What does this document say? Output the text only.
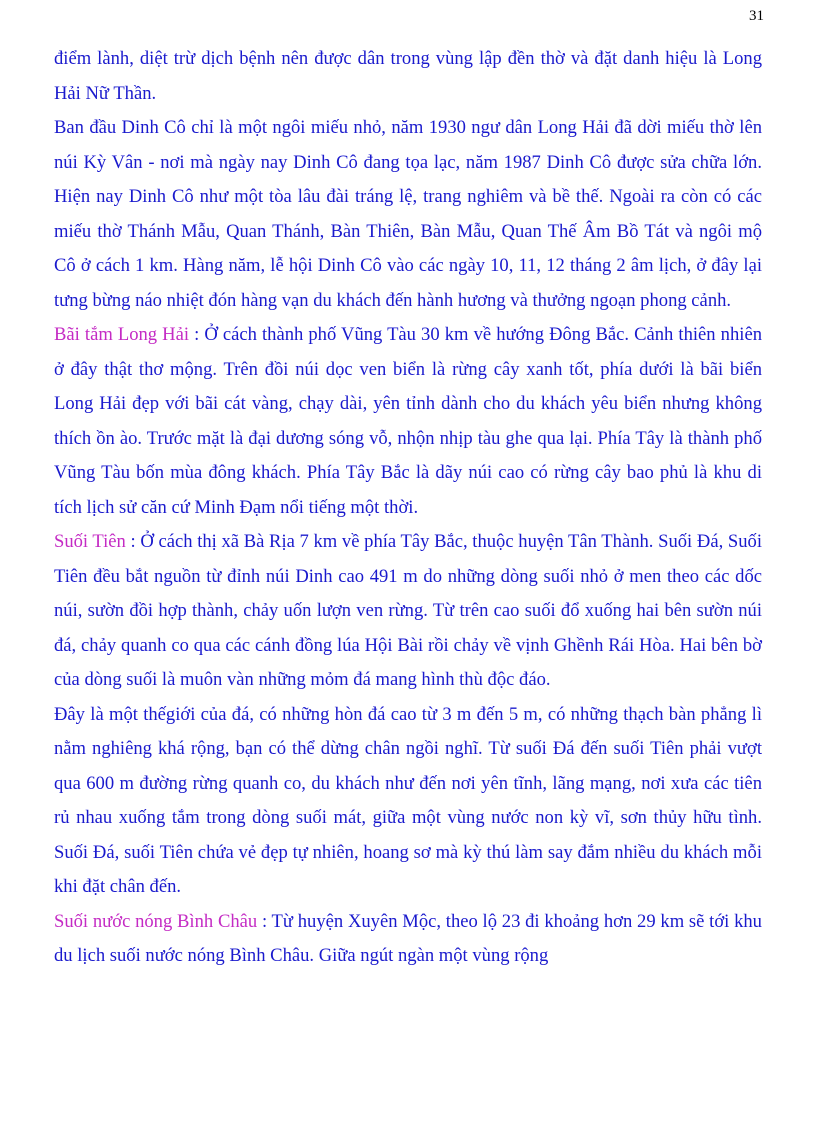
31

điểm lành, diệt trừ dịch bệnh nên được dân trong vùng lập đền thờ và đặt danh hiệu là Long Hải Nữ Thần.

Ban đầu Dinh Cô chỉ là một ngôi miếu nhỏ, năm 1930 ngư dân Long Hải đã dời miếu thờ lên núi Kỳ Vân - nơi mà ngày nay Dinh Cô đang tọa lạc, năm 1987 Dinh Cô được sửa chữa lớn. Hiện nay Dinh Cô như một tòa lâu đài tráng lệ, trang nghiêm và bề thế. Ngoài ra còn có các miếu thờ Thánh Mẫu, Quan Thánh, Bàn Thiên, Bàn Mẫu, Quan Thế Âm Bồ Tát và ngôi mộ Cô ở cách 1 km. Hàng năm, lễ hội Dinh Cô vào các ngày 10, 11, 12 tháng 2 âm lịch, ở đây lại tưng bừng náo nhiệt đón hàng vạn du khách đến hành hương và thưởng ngoạn phong cảnh.

Bãi tắm Long Hải : Ở cách thành phố Vũng Tàu 30 km về hướng Đông Bắc. Cảnh thiên nhiên ở đây thật thơ mộng. Trên đồi núi dọc ven biển là rừng cây xanh tốt, phía dưới là bãi biển Long Hải đẹp với bãi cát vàng, chạy dài, yên tỉnh dành cho du khách yêu biển nhưng không thích ồn ào. Trước mặt là đại dương sóng vỗ, nhộn nhịp tàu ghe qua lại. Phía Tây là thành phố Vũng Tàu bốn mùa đông khách. Phía Tây Bắc là dãy núi cao có rừng cây bao phủ là khu di tích lịch sử căn cứ Minh Đạm nổi tiếng một thời.

Suối Tiên : Ở cách thị xã Bà Rịa 7 km về phía Tây Bắc, thuộc huyện Tân Thành. Suối Đá, Suối Tiên đều bắt nguồn từ đỉnh núi Dinh cao 491 m do những dòng suối nhỏ ở men theo các dốc núi, sườn đồi hợp thành, chảy uốn lượn ven rừng. Từ trên cao suối đổ xuống hai bên sườn núi đá, chảy quanh co qua các cánh đồng lúa Hội Bài rồi chảy về vịnh Ghềnh Rái Hòa. Hai bên bờ của dòng suối là muôn vàn những mỏm đá mang hình thù độc đáo.

Đây là một thếgiới của đá, có những hòn đá cao từ 3 m đến 5 m, có những thạch bàn phẳng lì nằm nghiêng khá rộng, bạn có thể dừng chân ngồi nghĩ. Từ suối Đá đến suối Tiên phải vượt qua 600 m đường rừng quanh co, du khách như đến nơi yên tĩnh, lãng mạng, nơi xưa các tiên rủ nhau xuống tắm trong dòng suối mát, giữa một vùng nước non kỳ vĩ, sơn thủy hữu tình. Suối Đá, suối Tiên chứa vẻ đẹp tự nhiên, hoang sơ mà kỳ thú làm say đắm nhiều du khách mỗi khi đặt chân đến.

Suối nước nóng Bình Châu : Từ huyện Xuyên Mộc, theo lộ 23 đi khoảng hơn 29 km sẽ tới khu du lịch suối nước nóng Bình Châu. Giữa ngút ngàn một vùng rộng
